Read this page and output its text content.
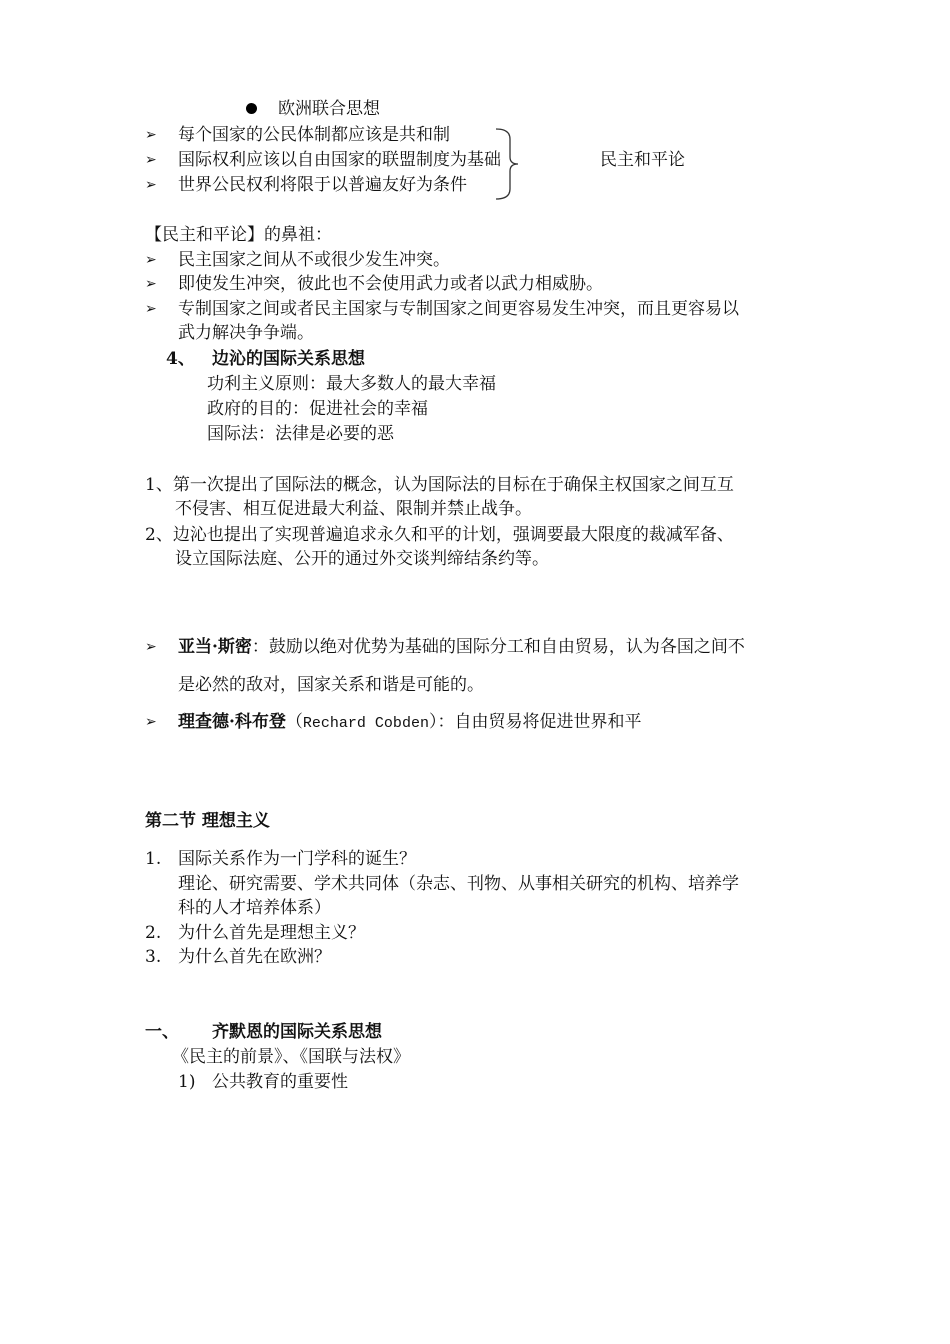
欧洲联合思想
➢ 每个国家的公民体制都应该是共和制
➢ 国际权利应该以自由国家的联盟制度为基础
➢ 世界公民权利将限于以普遍友好为条件
民主和平论
【民主和平论】的鼻祖：
➢ 民主国家之间从不或很少发生冲突。
➢ 即使发生冲突，彼此也不会使用武力或者以武力相威胁。
➢ 专制国家之间或者民主国家与专制国家之间更容易发生冲突，而且更容易以
武力解决争争端。
4、 边沁的国际关系思想
功利主义原则：最大多数人的最大幸福
政府的目的：促进社会的幸福
国际法：法律是必要的恶
1、第一次提出了国际法的概念，认为国际法的目标在于确保主权国家之间互互
不侵害、相互促进最大利益、限制并禁止战争。
2、边沁也提出了实现普遍追求永久和平的计划，强调要最大限度的裁减军备、
设立国际法庭、公开的通过外交谈判缔结条约等。
➢ 亚当·斯密：鼓励以绝对优势为基础的国际分工和自由贸易，认为各国之间不
是必然的敌对，国家关系和谐是可能的。
➢ 理查德·科布登（Rechard Cobden）：自由贸易将促进世界和平
第二节 理想主义
1. 国际关系作为一门学科的诞生？
理论、研究需要、学术共同体（杂志、刊物、从事相关研究的机构、培养学
科的人才培养体系）
2. 为什么首先是理想主义？
3. 为什么首先在欧洲？
一、 齐默恩的国际关系思想
《民主的前景》、《国联与法权》
1) 公共教育的重要性
